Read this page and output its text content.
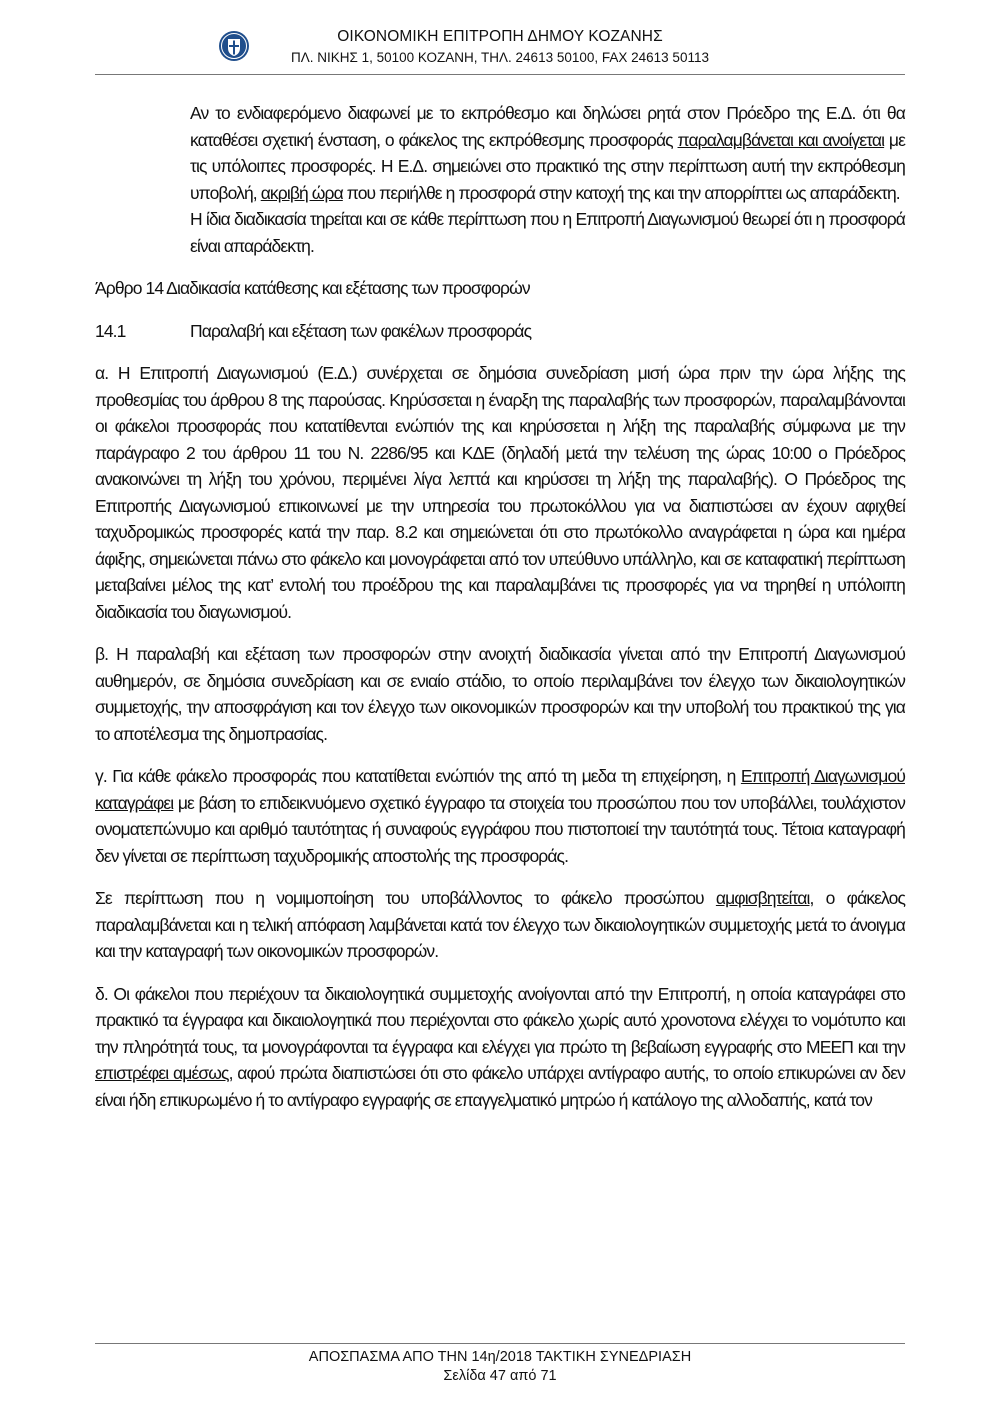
ΟΙΚΟΝΟΜΙΚΗ ΕΠΙΤΡΟΠΗ ΔΗΜΟΥ ΚΟΖΑΝΗΣ
ΠΛ. ΝΙΚΗΣ 1, 50100 ΚΟΖΑΝΗ, ΤΗΛ. 24613 50100, FAX 24613 50113

Αν το ενδιαφερόμενο διαφωνεί με το εκπρόθεσμο και δηλώσει ρητά στον Πρόεδρο της Ε.Δ. ότι θα καταθέσει σχετική ένσταση, ο φάκελος της εκπρόθεσμης προσφοράς παραλαμβάνεται και ανοίγεται με τις υπόλοιπες προσφορές. Η Ε.Δ. σημειώνει στο πρακτικό της στην περίπτωση αυτή την εκπρόθεσμη υποβολή, ακριβή ώρα που περιήλθε η προσφορά στην κατοχή της και την απορρίπτει ως απαράδεκτη.

Η ίδια διαδικασία τηρείται και σε κάθε περίπτωση που η Επιτροπή Διαγωνισμού θεωρεί ότι η προσφορά είναι απαράδεκτη.

Άρθρο 14 Διαδικασία κατάθεσης και εξέτασης των προσφορών

14.1	Παραλαβή και εξέταση των φακέλων προσφοράς

α. Η Επιτροπή Διαγωνισμού (Ε.Δ.) συνέρχεται σε δημόσια συνεδρίαση μισή ώρα πριν την ώρα λήξης της προθεσμίας του άρθρου 8 της παρούσας. Κηρύσσεται η έναρξη της παραλαβής των προσφορών, παραλαμβάνονται οι φάκελοι προσφοράς που κατατίθενται ενώπιόν της και κηρύσσεται η λήξη της παραλαβής σύμφωνα με την παράγραφο 2 του άρθρου 11 του Ν. 2286/95 και ΚΔΕ (δηλαδή μετά την τελέυση της ώρας 10:00 ο Πρόεδρος ανακοινώνει τη λήξη του χρόνου, περιμένει λίγα λεπτά και κηρύσσει τη λήξη της παραλαβής). Ο Πρόεδρος της Επιτροπής Διαγωνισμού επικοινωνεί με την υπηρεσία του πρωτοκόλλου για να διαπιστώσει αν έχουν αφιχθεί ταχυδρομικώς προσφορές κατά την παρ. 8.2 και σημειώνεται ότι στο πρωτόκολλο αναγράφεται η ώρα και ημέρα άφιξης, σημειώνεται πάνω στο φάκελο και μονογράφεται από τον υπεύθυνο υπάλληλο, και σε καταφατική περίπτωση μεταβαίνει μέλος της κατ’ εντολή του προέδρου της και παραλαμβάνει τις προσφορές για να τηρηθεί η υπόλοιπη διαδικασία του διαγωνισμού.

β. Η παραλαβή και εξέταση των προσφορών στην ανοιχτή διαδικασία γίνεται από την Επιτροπή Διαγωνισμού αυθημερόν, σε δημόσια συνεδρίαση και σε ενιαίο στάδιο, το οποίο περιλαμβάνει τον έλεγχο των δικαιολογητικών συμμετοχής, την αποσφράγιση και τον έλεγχο των οικονομικών προσφορών και την υποβολή του πρακτικού της για το αποτέλεσμα της δημοπρασίας.

γ. Για κάθε φάκελο προσφοράς που κατατίθεται ενώπιόν της από τη μεδα τη επιχείρηση, η Επιτροπή Διαγωνισμού καταγράφει με βάση το επιδεικνυόμενο σχετικό έγγραφο τα στοιχεία του προσώπου που τον υποβάλλει, τουλάχιστον ονοματεπώνυμο και αριθμό ταυτότητας ή συναφούς εγγράφου που πιστοποιεί την ταυτότητά τους. Τέτοια καταγραφή δεν γίνεται σε περίπτωση ταχυδρομικής αποστολής της προσφοράς.

Σε περίπτωση που η νομιμοποίηση του υποβάλλοντος το φάκελο προσώπου αμφισβητείται, ο φάκελος παραλαμβάνεται και η τελική απόφαση λαμβάνεται κατά τον έλεγχο των δικαιολογητικών συμμετοχής μετά το άνοιγμα και την καταγραφή των οικονομικών προσφορών.

δ. Οι φάκελοι που περιέχουν τα δικαιολογητικά συμμετοχής ανοίγονται από την Επιτροπή, η οποία καταγράφει στο πρακτικό τα έγγραφα και δικαιολογητικά που περιέχονται στο φάκελο χωρίς αυτό χρονοτονα ελέγχει το νομότυπο και την πληρότητά τους, τα μονογράφονται τα έγγραφα και ελέγχει για πρώτο τη βεβαίωση εγγραφής στο ΜΕΕΠ και την επιστρέφει αμέσως, αφού πρώτα διαπιστώσει ότι στο φάκελο υπάρχει αντίγραφο αυτής, το οποίο επικυρώνει αν δεν είναι ήδη επικυρωμένο ή το αντίγραφο εγγραφής σε επαγγελματικό μητρώο ή κατάλογο της αλλοδαπής, κατά τον

ΑΠΟΣΠΑΣΜΑ ΑΠΟ ΤΗΝ 14η/2018 ΤΑΚΤΙΚΗ ΣΥΝΕΔΡΙΑΣΗ
Σελίδα 47 από 71
